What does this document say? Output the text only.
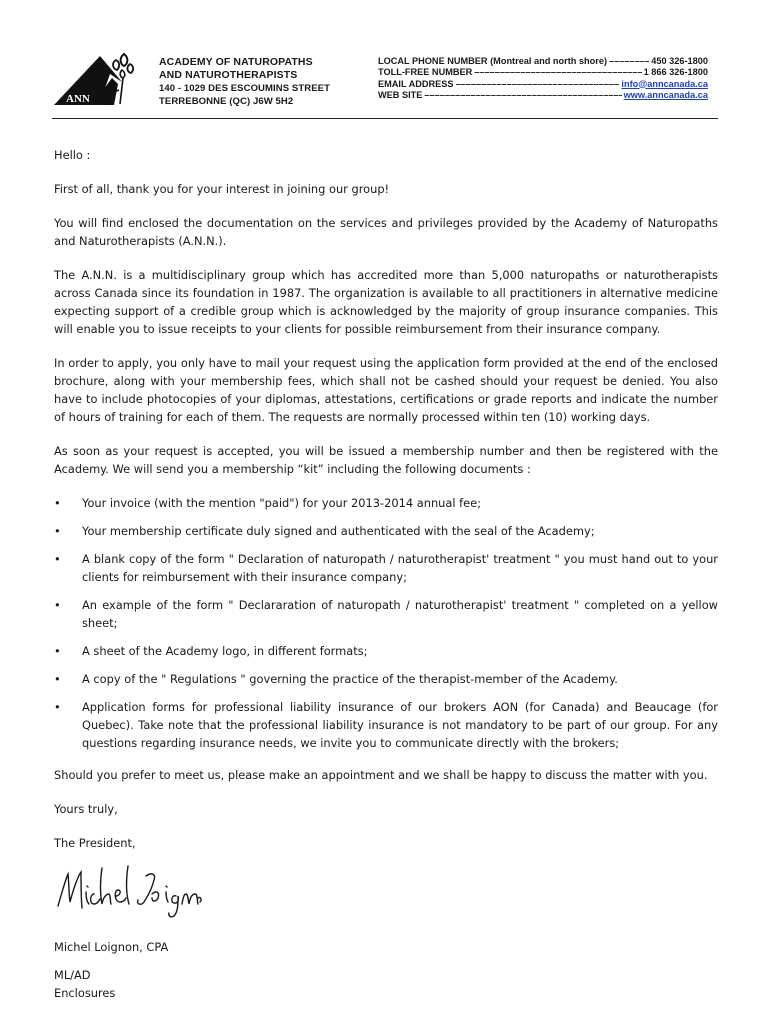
ANN
ACADEMY OF NATUROPATHS
AND NATUROTHERAPISTS
140 - 1029 DES ESCOUMINS STREET
TERREBONNE (QC) J6W 5H2
LOCAL PHONE NUMBER (Montreal and north shore) –––––	450 326-1800
TOLL-FREE NUMBER –––––	1 866 326-1800
EMAIL ADDRESS –––––	info@anncanada.ca
WEB SITE –––––	www.anncanada.ca

Hello :

First of all, thank you for your interest in joining our group!

You will find enclosed the documentation on the services and privileges provided by the Academy of Naturopaths and Naturotherapists (A.N.N.).

The A.N.N. is a multidisciplinary group which has accredited more than 5,000 naturopaths or naturotherapists across Canada since its foundation in 1987. The organization is available to all practitioners in alternative medicine expecting support of a credible group which is acknowledged by the majority of group insurance companies. This will enable you to issue receipts to your clients for possible reimbursement from their insurance company.

In order to apply, you only have to mail your request using the application form provided at the end of the enclosed brochure, along with your membership fees, which shall not be cashed should your request be denied. You also have to include photocopies of your diplomas, attestations, certifications or grade reports and indicate the number of hours of training for each of them. The requests are normally processed within ten (10) working days.

As soon as your request is accepted, you will be issued a membership number and then be registered with the Academy. We will send you a membership “kit” including the following documents :

• Your invoice (with the mention "paid") for your 2013-2014 annual fee;
• Your membership certificate duly signed and authenticated with the seal of the Academy;
• A blank copy of the form " Declaration of naturopath / naturotherapist' treatment " you must hand out to your clients for reimbursement with their insurance company;
• An example of the form " Declararation of naturopath / naturotherapist' treatment " completed on a yellow sheet;
• A sheet of the Academy logo, in different formats;
• A copy of the " Regulations " governing the practice of the therapist-member of the Academy.
• Application forms for professional liability insurance of our brokers AON (for Canada) and Beaucage (for Quebec). Take note that the professional liability insurance is not mandatory to be part of our group. For any questions regarding insurance needs, we invite you to communicate directly with the brokers;

Should you prefer to meet us, please make an appointment and we shall be happy to discuss the matter with you.

Yours truly,

The President,

Michel Loignon, CPA

ML/AD

Enclosures
